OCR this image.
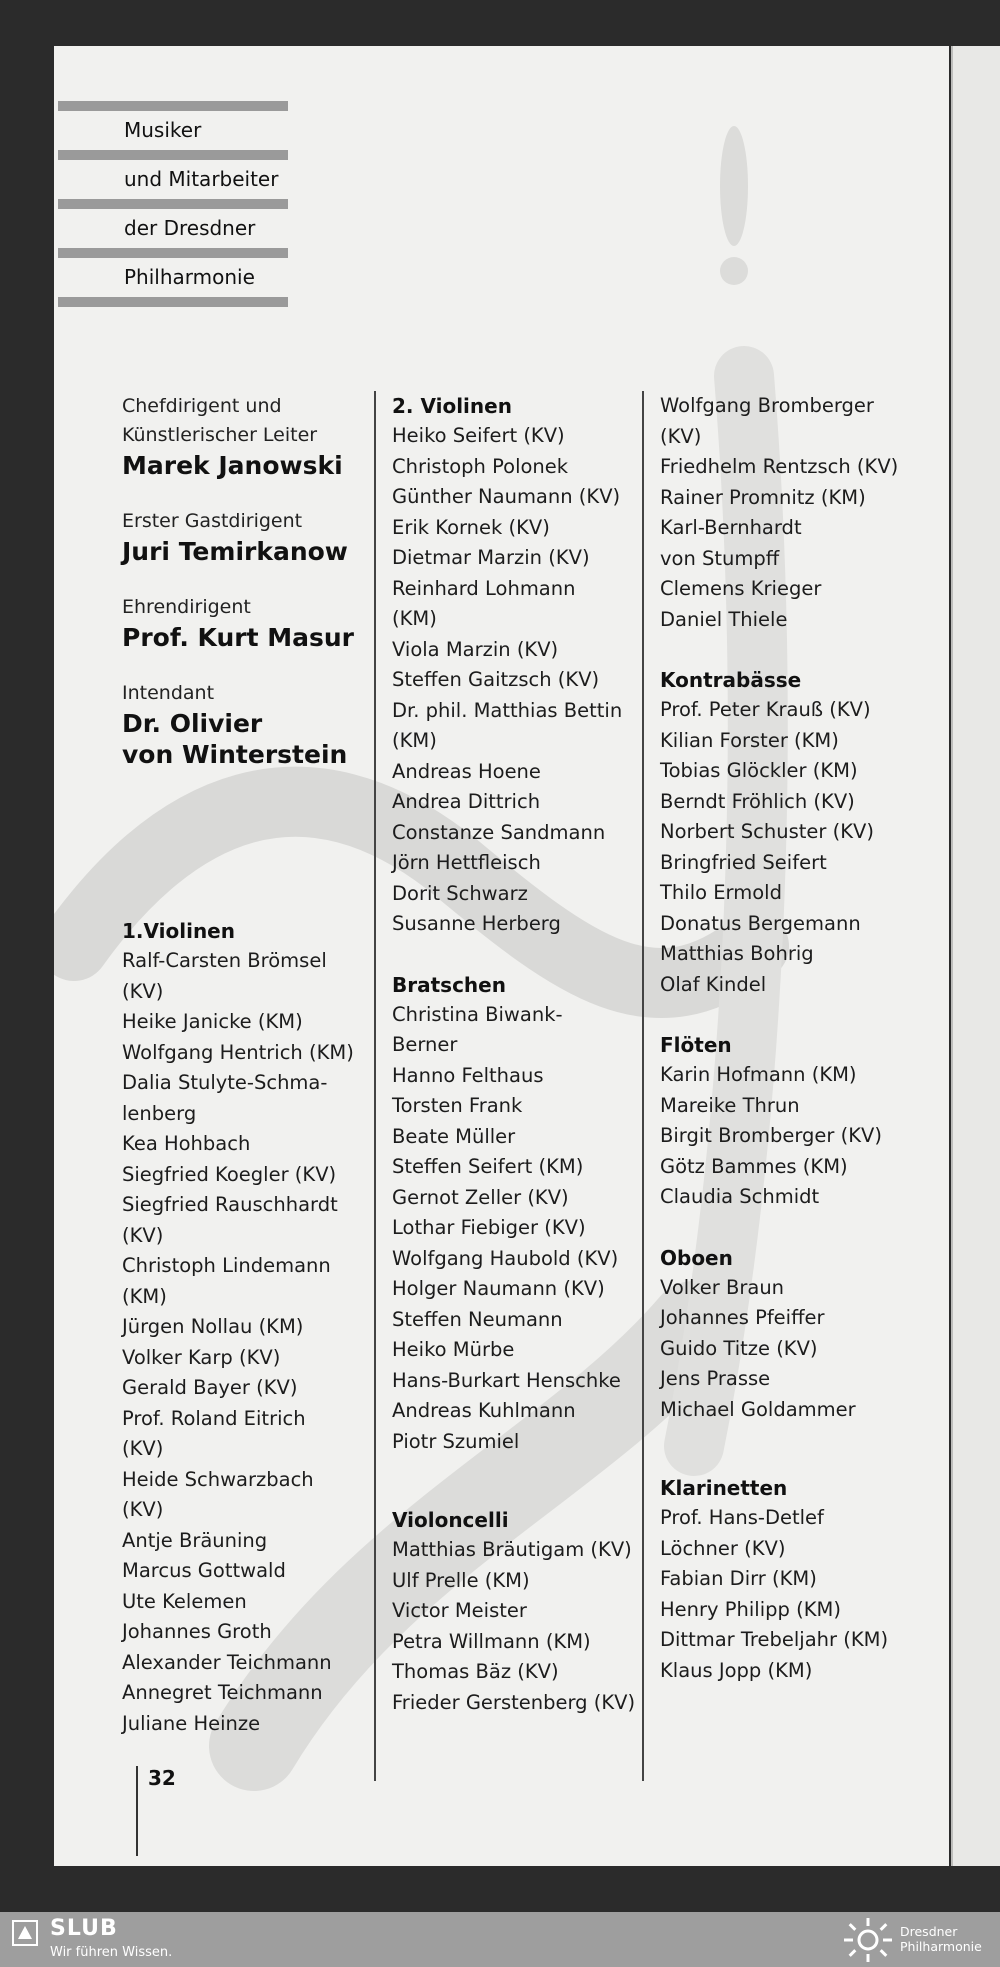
Musiker
und Mitarbeiter
der Dresdner
Philharmonie
Chefdirigent und
Künstlerischer Leiter
Marek Janowski
Erster Gastdirigent
Juri Temirkanow
Ehrendirigent
Prof. Kurt Masur
Intendant
Dr. Olivier
von Winterstein
1.Violinen
Ralf-Carsten Brömsel
(KV)
Heike Janicke (KM)
Wolfgang Hentrich (KM)
Dalia Stulyte-Schma-
lenberg
Kea Hohbach
Siegfried Koegler (KV)
Siegfried Rauschhardt
(KV)
Christoph Lindemann
(KM)
Jürgen Nollau (KM)
Volker Karp (KV)
Gerald Bayer (KV)
Prof. Roland Eitrich
(KV)
Heide Schwarzbach
(KV)
Antje Bräuning
Marcus Gottwald
Ute Kelemen
Johannes Groth
Alexander Teichmann
Annegret Teichmann
Juliane Heinze
2. Violinen
Heiko Seifert (KV)
Christoph Polonek
Günther Naumann (KV)
Erik Kornek (KV)
Dietmar Marzin (KV)
Reinhard Lohmann
(KM)
Viola Marzin (KV)
Steffen Gaitzsch (KV)
Dr. phil. Matthias Bettin
(KM)
Andreas Hoene
Andrea Dittrich
Constanze Sandmann
Jörn Hettfleisch
Dorit Schwarz
Susanne Herberg
Bratschen
Christina Biwank-
Berner
Hanno Felthaus
Torsten Frank
Beate Müller
Steffen Seifert (KM)
Gernot Zeller (KV)
Lothar Fiebiger (KV)
Wolfgang Haubold (KV)
Holger Naumann (KV)
Steffen Neumann
Heiko Mürbe
Hans-Burkart Henschke
Andreas Kuhlmann
Piotr Szumiel
Violoncelli
Matthias Bräutigam (KV)
Ulf Prelle (KM)
Victor Meister
Petra Willmann (KM)
Thomas Bäz (KV)
Frieder Gerstenberg (KV)
Wolfgang Bromberger
(KV)
Friedhelm Rentzsch (KV)
Rainer Promnitz (KM)
Karl-Bernhardt
von Stumpff
Clemens Krieger
Daniel Thiele
Kontrabässe
Prof. Peter Krauß (KV)
Kilian Forster (KM)
Tobias Glöckler (KM)
Berndt Fröhlich (KV)
Norbert Schuster (KV)
Bringfried Seifert
Thilo Ermold
Donatus Bergemann
Matthias Bohrig
Olaf Kindel
Flöten
Karin Hofmann (KM)
Mareike Thrun
Birgit Bromberger (KV)
Götz Bammes (KM)
Claudia Schmidt
Oboen
Volker Braun
Johannes Pfeiffer
Guido Titze (KV)
Jens Prasse
Michael Goldammer
Klarinetten
Prof. Hans-Detlef
Löchner (KV)
Fabian Dirr (KM)
Henry Philipp (KM)
Dittmar Trebeljahr (KM)
Klaus Jopp (KM)
32
SLUB
Wir führen Wissen.
Dresdner
Philharmonie
